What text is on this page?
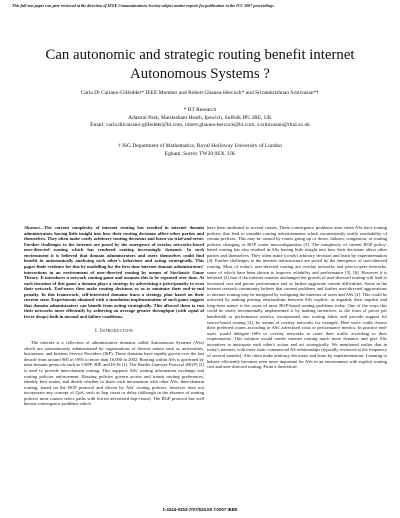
This full text paper was peer reviewed at the direction of IEEE Communications Society subject matter experts for publication in the ICC 2007 proceedings.
Can autonomic and strategic routing benefit internet
Autonomous Systems ?
Carla Di Cairano-Gilfedder* IEEE Member and Robert Ghanea-Hercock* and Sriramkrishnan Srinivasan*†
* BT Research
Adastral Park, Martlesham Heath, Ipswich, Suffolk IP5 3RE, UK
Email: carla.diicairano-gilfedder@bt.com, robert.ghanea-hercock@bt.com, s.srinivasan@rhul.ac.uk
† ISG Department of Mathematics, Royal Holloway University of London
Egham, Surrey TW20 0EX, UK
Abstract—The current complexity of internet routing has resulted in internet domain administrators having little insight into how their routing decisions affect other parties and themselves. They often make costly arbitrary routing decisions and learn via trial-and-error. Further challenges to the internet are posed by the emergence of overlay networks-based user-directed routing which has rendered routing increasingly dynamic. In such environment it is believed that domain administrators and users themselves could find benefit in autonomically analysing each other's behaviour and acting strategically. This paper finds evidence for this by modelling for the first time internet domain administrators' interactions in an environment of user-directed routing by means of Stochastic Game Theory. It introduces a network routing game and assumes this to be repeated over time. At each iteration of this game a domain plays a strategy by advertising a price/penalty to even their network. End-users then make routing decisions so as to minimise their end-to-end penalty. In this framework, self-interested domains learn a strategy plan based on their current state. Experiments obtained with a simulation implementation of such game suggest that domain administrators can benefit from acting strategically. This allowed them to run their networks more efficiently by achieving on average greater throughput (with equal of fewer drops) both in normal and failure conditions.
I. Introduction

The internet is a collection of administrative domains called Autonomous Systems (ASs) which are autonomously administrated by organisations of diverse nature such as universities, businesses, and Internet Service Providers (ISP). These domains have rapidly grown over the last decade from around 900 in 1993 to more than 10,000 in 2002. Routing within ASs is governed by intra-domain protocols such as OSPF, RIP, and IS-IS [1]. The Border Gateway Protocol (BGP) [2] is used to provide inter-domain routing. This supports ASs' routing information exchange and routing policies enforcement. Routing policies govern access and transit routing preferences, identify best routes, and decide whether to share such information with other ASs. Inter-domain routing, based on the BGP protocol and driven by ASs' routing policies, however does not incorporate any concept of QoS, such as hop count or delay (although in the absence of routing policies most routers select paths with lowest advertised hop-count). The BGP protocol has well known convergence problems which

have been attributed to several causes. These convergence problems arise when ASs have routing policies that lead to unstable routing advertisements which inconsistently notify reachability of certain prefixes. This may be caused by routes going up or down, failures, congestion, or routing policies changing or BGP router misconfiguration [3]. The complexity of current BGP policy-based routing has also resulted in ASs having little insight into how their decisions affect other parties and themselves. They often make (costly) arbitrary decision and learn by experimentation [4]. Further challenges to the internet infrastructure are posed by the emergence of user-directed routing. Most of today's user-directed routing are overlay networks and peer-to-peer networks, some of which have been shown to improve reliability and performance [5], [6]. However it is believed [4] that if the internet remains unchanged the growth of user-directed routing will lead to increased cost and poorer performance and so further aggravate current difficulties. Some in the internet research community believe that current problems and further user-directed aggravations to internet routing may be mitigated by realigning the interests of users and ASs [4]. This could be achieved by making peering relationships between ASs explicit, as arguably their implicit and long-term nature is the cause of most BGP-based routing problems today. One of the ways this could be easily incrementally implemented is by making incentives, in the form of prices per bandwidth or performance metrics, incorporated into routing fabric and provide support for source-based routing [4], by means of overlay networks for example. Here users could choose their preferred routes according to ASs' advertised costs or performance metrics. In practice end-users would delegate ISPs or overlay networks to route their traffic according to their requirements. This solution would render internet routing much more dynamic and give ASs incentives to anticipate each other's action and act strategically. We mentioned earlier that in today's internet, with more static commercial AS relationships (typically reviewed at the frequency of several months), ASs often make arbitrary decisions and learn by experimentation. Learning to behave efficiently becomes even more important for ASs in an environment with explicit routing cost and user-directed routing. From a theoretical

1-4244-0353-7/07/$25.00 ©2007 IEEE
